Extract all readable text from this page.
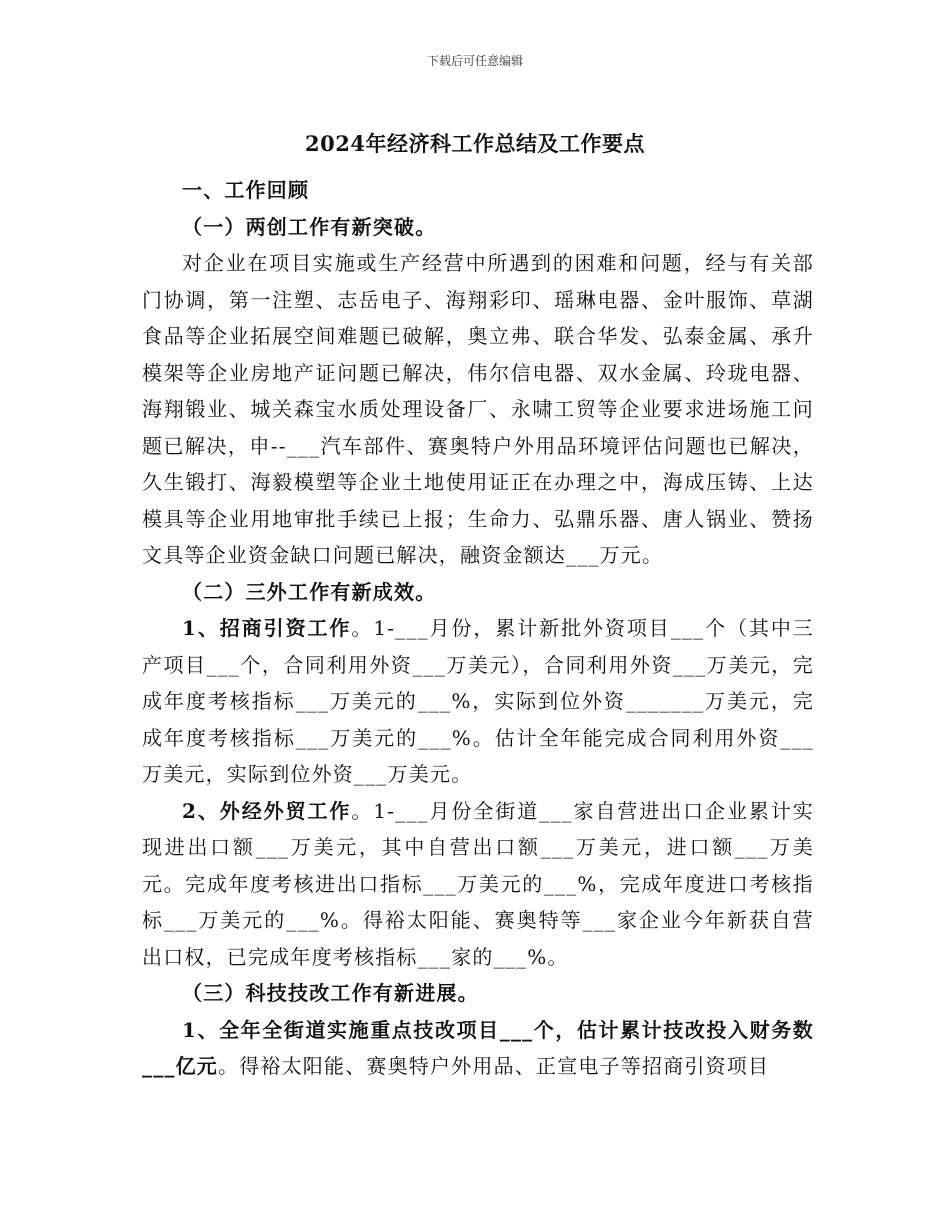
下载后可任意编辑
2024年经济科工作总结及工作要点

一、工作回顾

（一）两创工作有新突破。

对企业在项目实施或生产经营中所遇到的困难和问题，经与有关部门协调，第一注塑、志岳电子、海翔彩印、瑶琳电器、金叶服饰、草湖食品等企业拓展空间难题已破解，奥立弗、联合华发、弘泰金属、承升模架等企业房地产证问题已解决，伟尔信电器、双水金属、玲珑电器、海翔锻业、城关森宝水质处理设备厂、永啸工贸等企业要求进场施工问题已解决，申--___汽车部件、赛奥特户外用品环境评估问题也已解决，久生锻打、海毅模塑等企业土地使用证正在办理之中，海成压铸、上达模具等企业用地审批手续已上报；生命力、弘鼎乐器、唐人锅业、赞扬文具等企业资金缺口问题已解决，融资金额达___万元。

（二）三外工作有新成效。

1、招商引资工作。1-___月份，累计新批外资项目___个（其中三产项目___个，合同利用外资___万美元），合同利用外资___万美元，完成年度考核指标___万美元的___%，实际到位外资_______万美元，完成年度考核指标___万美元的___%。估计全年能完成合同利用外资___万美元，实际到位外资___万美元。

2、外经外贸工作。1-___月份全街道___家自营进出口企业累计实现进出口额___万美元，其中自营出口额___万美元，进口额___万美元。完成年度考核进出口指标___万美元的___%，完成年度进口考核指标___万美元的___%。得裕太阳能、赛奥特等___家企业今年新获自营出口权，已完成年度考核指标___家的___%。

（三）科技技改工作有新进展。

1、全年全街道实施重点技改项目___个，估计累计技改投入财务数___亿元。得裕太阳能、赛奥特户外用品、正宣电子等招商引资项目
